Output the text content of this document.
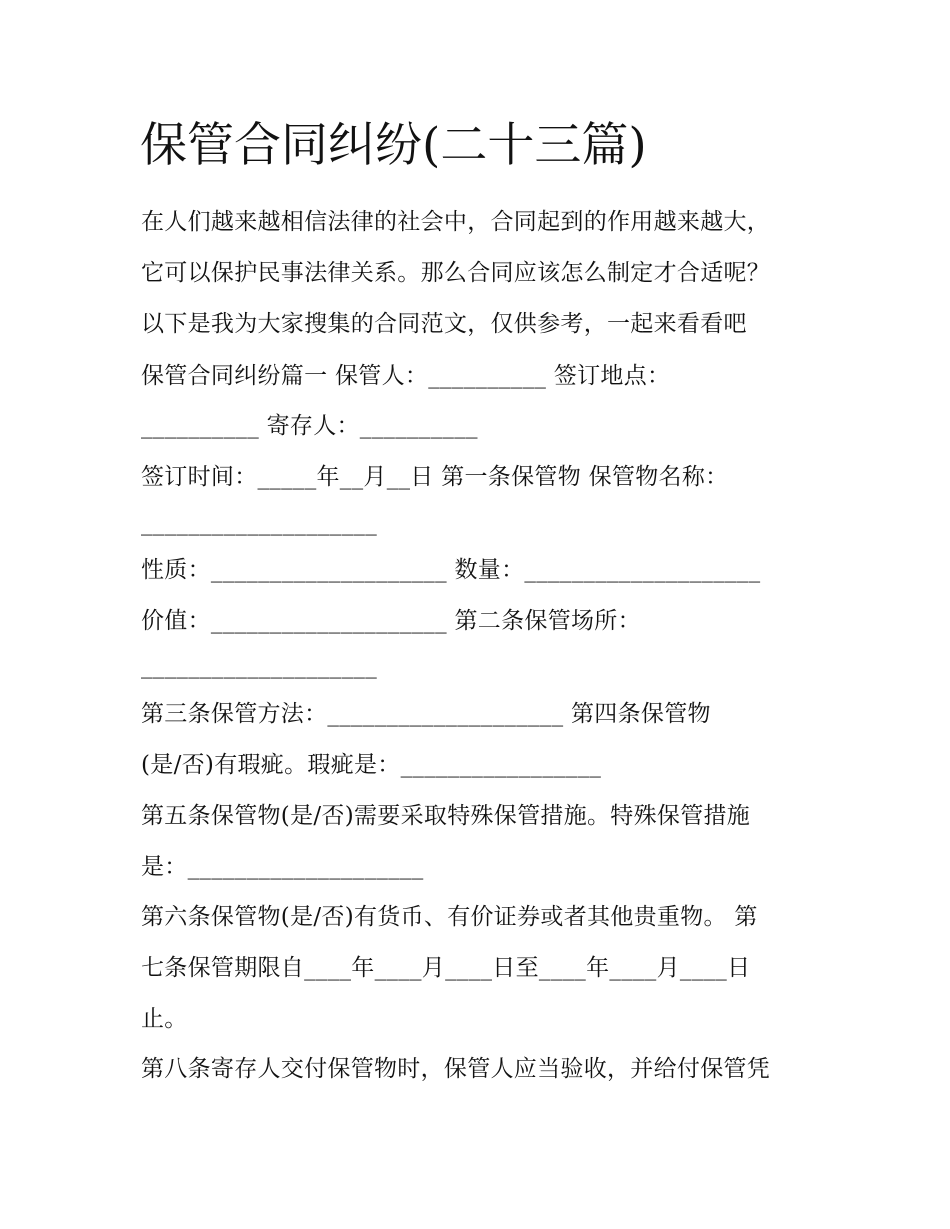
保管合同纠纷(二十三篇)
在人们越来越相信法律的社会中，合同起到的作用越来越大，
它可以保护民事法律关系。那么合同应该怎么制定才合适呢？
以下是我为大家搜集的合同范文，仅供参考，一起来看看吧
保管合同纠纷篇一 保管人：__________ 签订地点：
__________ 寄存人：__________
签订时间：_____年__月__日 第一条保管物 保管物名称：
____________________
性质：____________________ 数量：____________________
价值：____________________ 第二条保管场所：
____________________
第三条保管方法：____________________ 第四条保管物
(是/否)有瑕疵。瑕疵是：_________________
第五条保管物(是/否)需要采取特殊保管措施。特殊保管措施
是：____________________
第六条保管物(是/否)有货币、有价证券或者其他贵重物。 第
七条保管期限自____年____月____日至____年____月____日
止。
第八条寄存人交付保管物时，保管人应当验收，并给付保管凭
